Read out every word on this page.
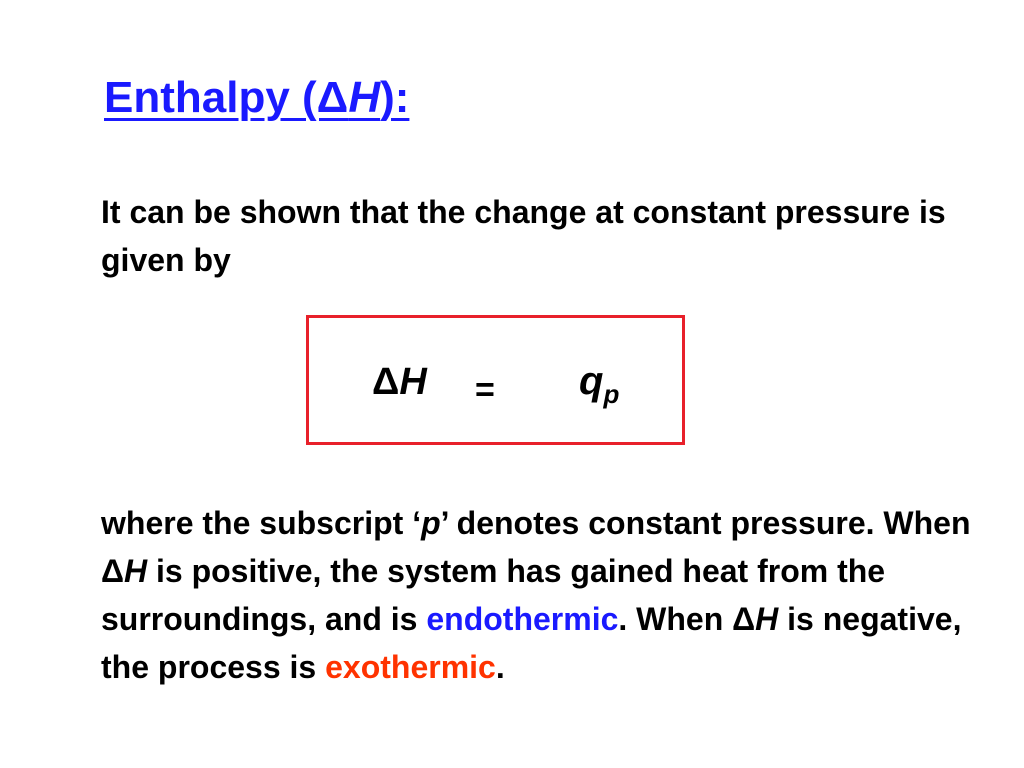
Enthalpy (ΔH):

It can be shown that the change at constant pressure is given by

$\Delta H = q_p$

where the subscript ‘p’ denotes constant pressure. When ΔH is positive, the system has gained heat from the surroundings, and is endothermic. When ΔH is negative, the process is exothermic.
